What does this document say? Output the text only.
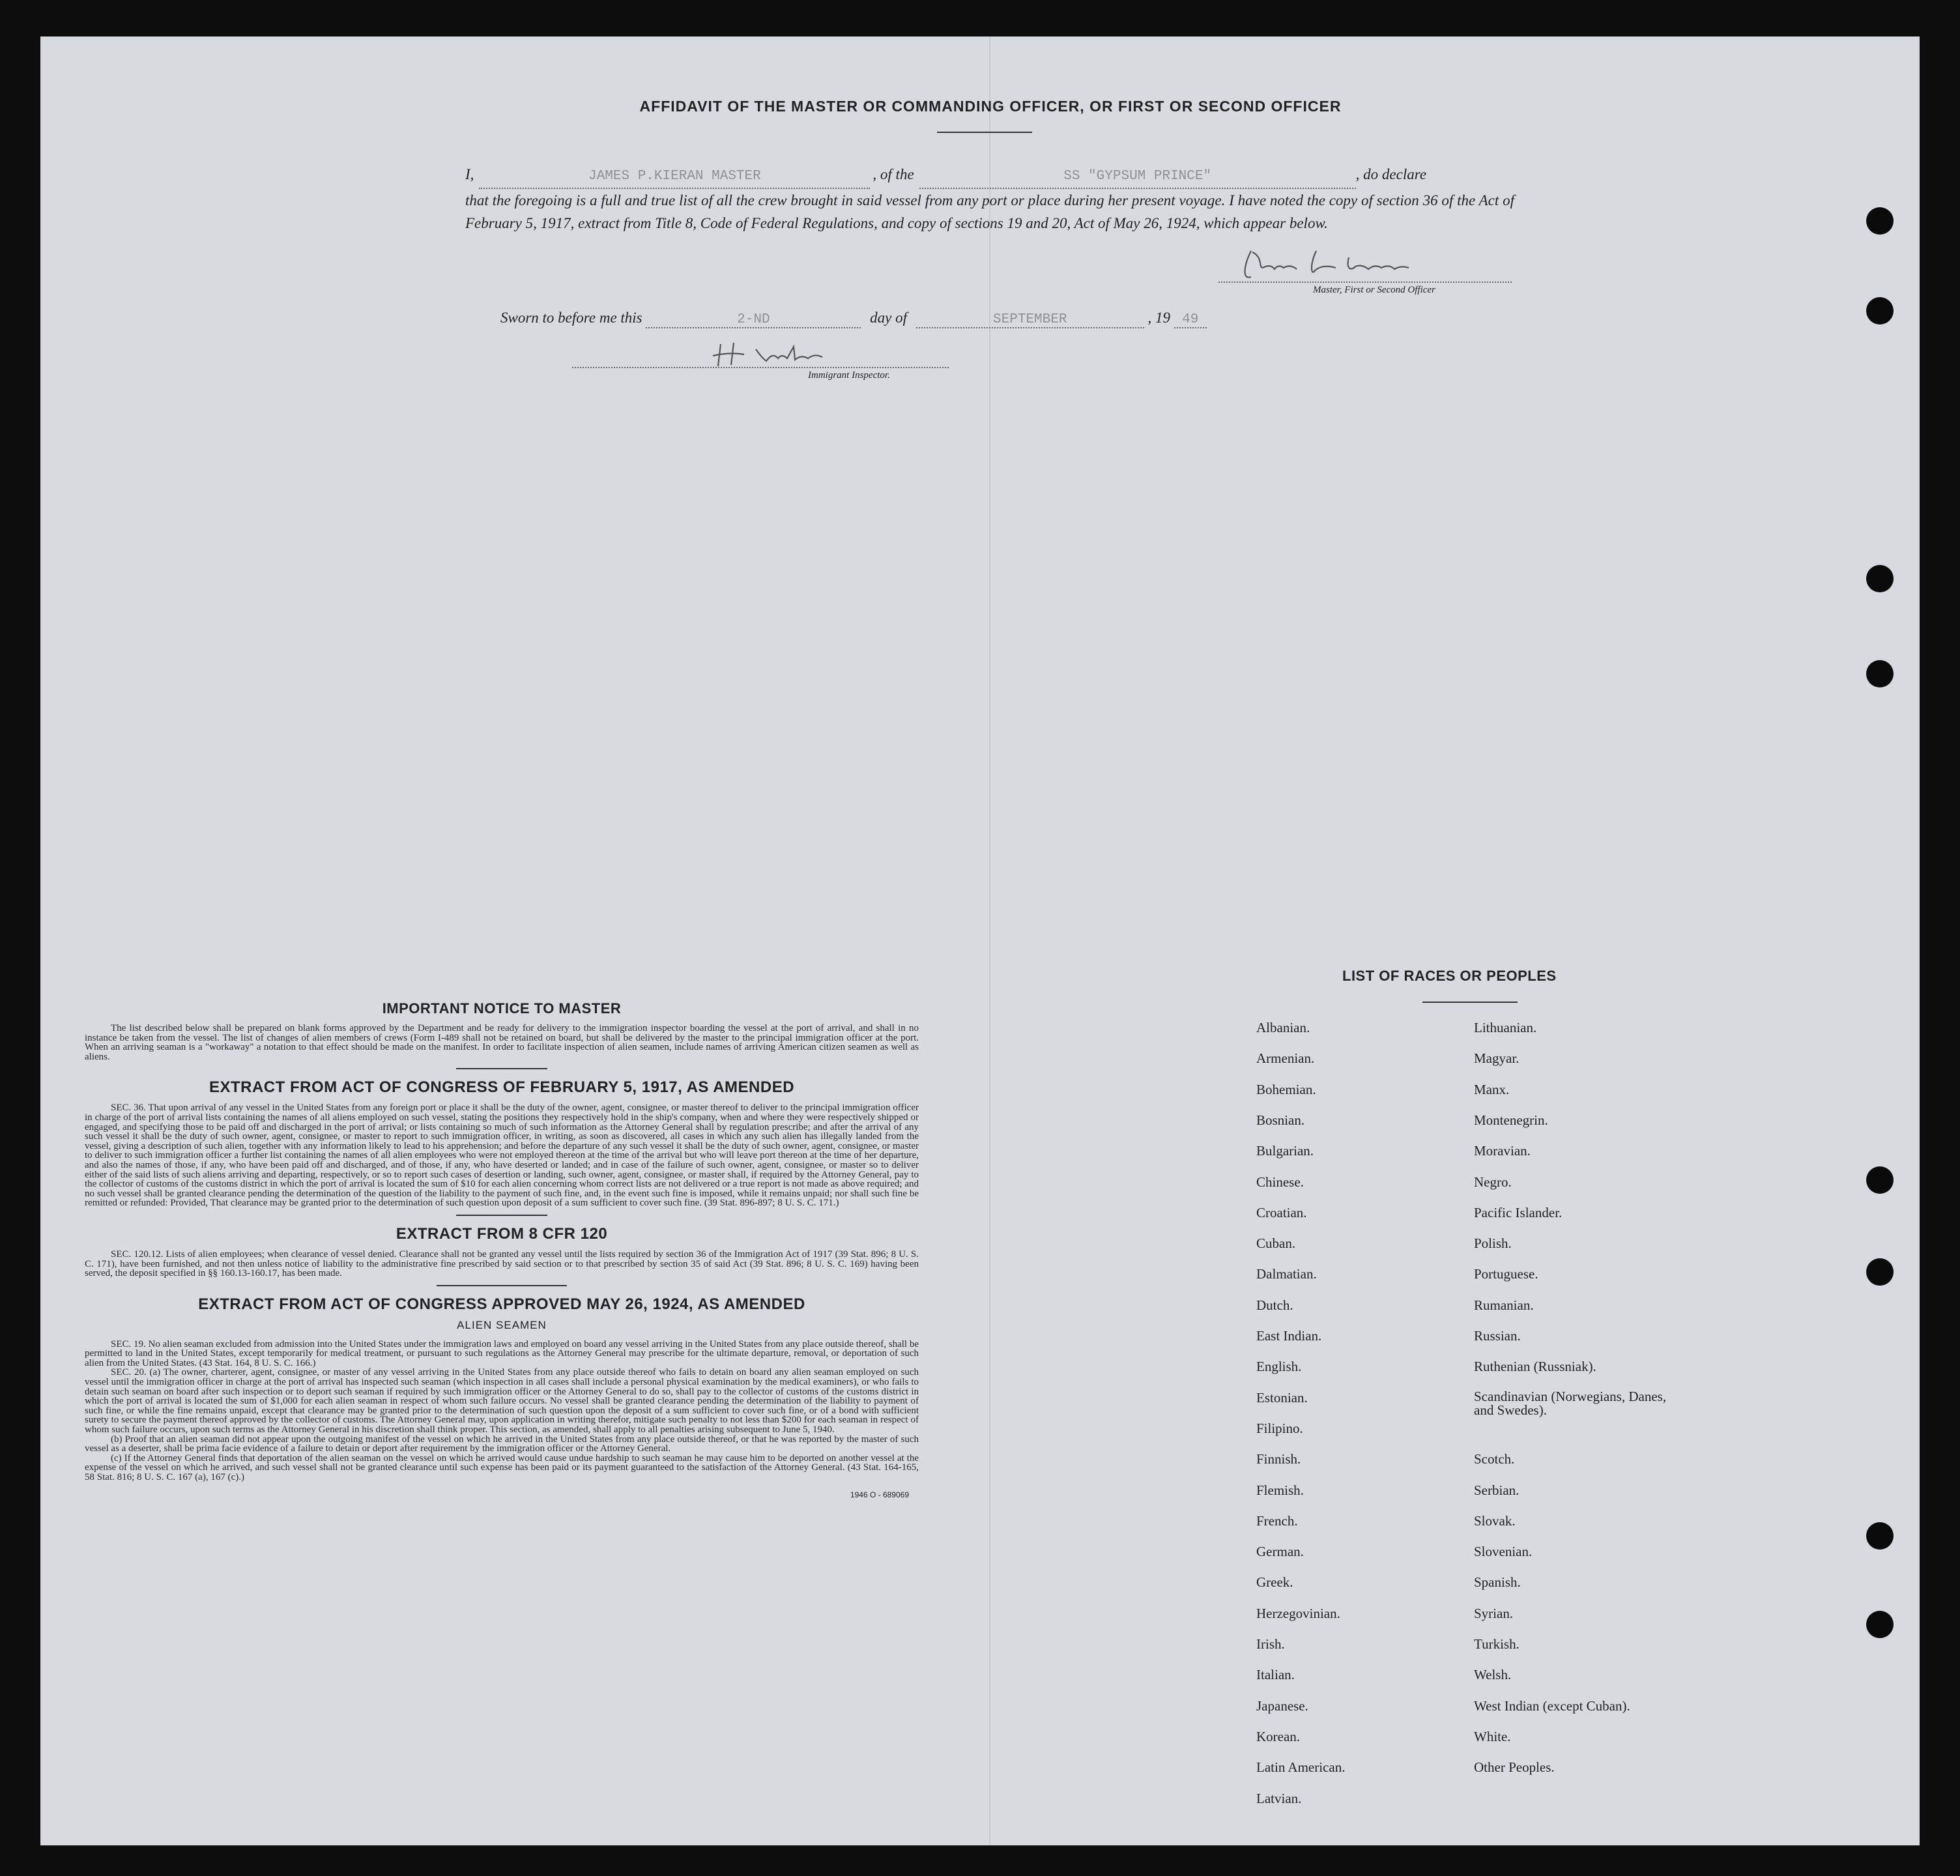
AFFIDAVIT OF THE MASTER OR COMMANDING OFFICER, OR FIRST OR SECOND OFFICER
I,	JAMES P.KIERAN MASTER	, of the	SS "GYPSUM PRINCE"	, do declare
that the foregoing is a full and true list of all the crew brought in said vessel from any port or place during her present voyage. I have noted the copy of section 36 of the Act of February 5, 1917, extract from Title 8, Code of Federal Regulations, and copy of sections 19 and 20, Act of May 26, 1924, which appear below.
Master, First or Second Officer
Sworn to before me this	2-ND	day of	SEPTEMBER	, 19 49
Immigrant Inspector.
IMPORTANT NOTICE TO MASTER

The list described below shall be prepared on blank forms approved by the Department and be ready for delivery to the immigration inspector boarding the vessel at the port of arrival, and shall in no instance be taken from the vessel. The list of changes of alien members of crews (Form I-489 shall not be retained on board, but shall be delivered by the master to the principal immigration officer at the port. When an arriving seaman is a "workaway" a notation to that effect should be made on the manifest. In order to facilitate inspection of alien seamen, include names of arriving American citizen seamen as well as aliens.

EXTRACT FROM ACT OF CONGRESS OF FEBRUARY 5, 1917, AS AMENDED

SEC. 36. That upon arrival of any vessel in the United States from any foreign port or place it shall be the duty of the owner, agent, consignee, or master thereof to deliver to the principal immigration officer in charge of the port of arrival lists containing the names of all aliens employed on such vessel, stating the positions they respectively hold in the ship's company, when and where they were respectively shipped or engaged, and specifying those to be paid off and discharged in the port of arrival; or lists containing so much of such information as the Attorney General shall by regulation prescribe; and after the arrival of any such vessel it shall be the duty of such owner, agent, consignee, or master to report to such immigration officer, in writing, as soon as discovered, all cases in which any such alien has illegally landed from the vessel, giving a description of such alien, together with any information likely to lead to his apprehension; and before the departure of any such vessel it shall be the duty of such owner, agent, consignee, or master to deliver to such immigration officer a further list containing the names of all alien employees who were not employed thereon at the time of the arrival but who will leave port thereon at the time of her departure, and also the names of those, if any, who have been paid off and discharged, and of those, if any, who have deserted or landed; and in case of the failure of such owner, agent, consignee, or master so to deliver either of the said lists of such aliens arriving and departing, respectively, or so to report such cases of desertion or landing, such owner, agent, consignee, or master shall, if required by the Attorney General, pay to the collector of customs of the customs district in which the port of arrival is located the sum of $10 for each alien concerning whom correct lists are not delivered or a true report is not made as above required; and no such vessel shall be granted clearance pending the determination of the question of the liability to the payment of such fine, and, in the event such fine is imposed, while it remains unpaid; nor shall such fine be remitted or refunded: Provided, That clearance may be granted prior to the determination of such question upon deposit of a sum sufficient to cover such fine. (39 Stat. 896-897; 8 U. S. C. 171.)

EXTRACT FROM 8 CFR 120

SEC. 120.12. Lists of alien employees; when clearance of vessel denied. Clearance shall not be granted any vessel until the lists required by section 36 of the Immigration Act of 1917 (39 Stat. 896; 8 U. S. C. 171), have been furnished, and not then unless notice of liability to the administrative fine prescribed by said section or to that prescribed by section 35 of said Act (39 Stat. 896; 8 U. S. C. 169) having been served, the deposit specified in §§ 160.13-160.17, has been made.

EXTRACT FROM ACT OF CONGRESS APPROVED MAY 26, 1924, AS AMENDED
ALIEN SEAMEN

SEC. 19. No alien seaman excluded from admission into the United States under the immigration laws and employed on board any vessel arriving in the United States from any place outside thereof, shall be permitted to land in the United States, except temporarily for medical treatment, or pursuant to such regulations as the Attorney General may prescribe for the ultimate departure, removal, or deportation of such alien from the United States. (43 Stat. 164, 8 U. S. C. 166.)

SEC. 20. (a) The owner, charterer, agent, consignee, or master of any vessel arriving in the United States from any place outside thereof who fails to detain on board any alien seaman employed on such vessel until the immigration officer in charge at the port of arrival has inspected such seaman (which inspection in all cases shall include a personal physical examination by the medical examiners), or who fails to detain such seaman on board after such inspection or to deport such seaman if required by such immigration officer or the Attorney General to do so, shall pay to the collector of customs of the customs district in which the port of arrival is located the sum of $1,000 for each alien seaman in respect of whom such failure occurs. No vessel shall be granted clearance pending the determination of the liability to payment of such fine, or while the fine remains unpaid, except that clearance may be granted prior to the determination of such question upon the deposit of a sum sufficient to cover such fine, or of a bond with sufficient surety to secure the payment thereof approved by the collector of customs. The Attorney General may, upon application in writing therefor, mitigate such penalty to not less than $200 for each seaman in respect of whom such failure occurs, upon such terms as the Attorney General in his discretion shall think proper. This section, as amended, shall apply to all penalties arising subsequent to June 5, 1940.

(b) Proof that an alien seaman did not appear upon the outgoing manifest of the vessel on which he arrived in the United States from any place outside thereof, or that he was reported by the master of such vessel as a deserter, shall be prima facie evidence of a failure to detain or deport after requirement by the immigration officer or the Attorney General.

(c) If the Attorney General finds that deportation of the alien seaman on the vessel on which he arrived would cause undue hardship to such seaman he may cause him to be deported on another vessel at the expense of the vessel on which he arrived, and such vessel shall not be granted clearance until such expense has been paid or its payment guaranteed to the satisfaction of the Attorney General. (43 Stat. 164-165, 58 Stat. 816; 8 U. S. C. 167 (a), 167 (c).)

1946 O - 689069
LIST OF RACES OR PEOPLES
Albanian.
Armenian.
Bohemian.
Bosnian.
Bulgarian.
Chinese.
Croatian.
Cuban.
Dalmatian.
Dutch.
East Indian.
English.
Estonian.
Filipino.
Finnish.
Flemish.
French.
German.
Greek.
Herzegovinian.
Irish.
Italian.
Japanese.
Korean.
Latin American.
Latvian.
Lithuanian.
Magyar.
Manx.
Montenegrin.
Moravian.
Negro.
Pacific Islander.
Polish.
Portuguese.
Rumanian.
Russian.
Ruthenian (Russniak).
Scandinavian (Norwegians, Danes, and Swedes).
Scotch.
Serbian.
Slovak.
Slovenian.
Spanish.
Syrian.
Turkish.
Welsh.
West Indian (except Cuban).
White.
Other Peoples.
